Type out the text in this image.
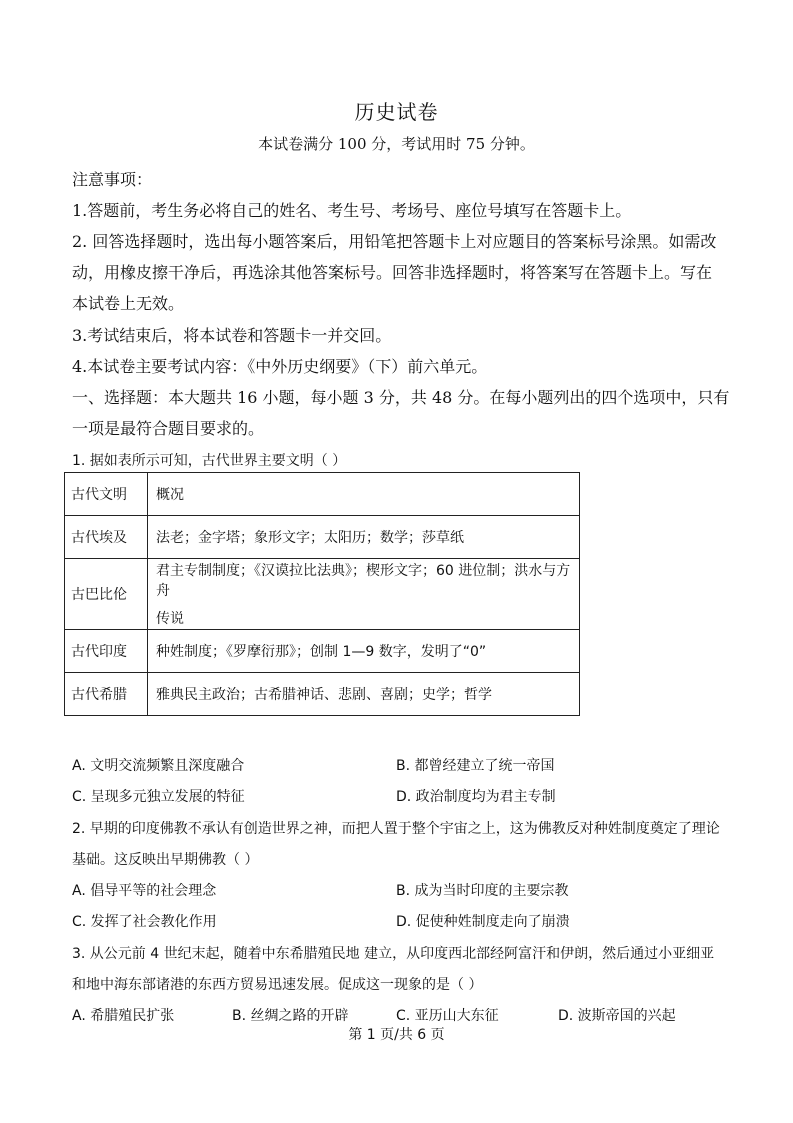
历史试卷
本试卷满分 100 分，考试用时 75 分钟。
注意事项：
1.答题前，考生务必将自己的姓名、考生号、考场号、座位号填写在答题卡上。
2. 回答选择题时，选出每小题答案后，用铅笔把答题卡上对应题目的答案标号涂黑。如需改
动，用橡皮擦干净后，再选涂其他答案标号。回答非选择题时，将答案写在答题卡上。写在
本试卷上无效。
3.考试结束后，将本试卷和答题卡一并交回。
4.本试卷主要考试内容：《中外历史纲要》（下）前六单元。
一、选择题：本大题共 16 小题，每小题 3 分，共 48 分。在每小题列出的四个选项中，只有
一项是最符合题目要求的。
1. 据如表所示可知，古代世界主要文明（ ）
古代文明	概况
古代埃及	法老；金字塔；象形文字；太阳历；数学；莎草纸

古巴比伦	君主专制制度；《汉谟拉比法典》；楔形文字；60 进位制；洪水与方舟
传说

古代印度	种姓制度；《罗摩衍那》；创制 1—9 数字，发明了“0”

古代希腊	雅典民主政治；古希腊神话、悲剧、喜剧；史学；哲学
A. 文明交流频繁且深度融合	B. 都曾经建立了统一帝国
C. 呈现多元独立发展的特征	D. 政治制度均为君主专制
2. 早期的印度佛教不承认有创造世界之神，而把人置于整个宇宙之上，这为佛教反对种姓制度奠定了理论
基础。这反映出早期佛教（ ）
A. 倡导平等的社会理念	B. 成为当时印度的主要宗教
C. 发挥了社会教化作用	D. 促使种姓制度走向了崩溃
3. 从公元前 4 世纪末起，随着中东希腊殖民地 建立，从印度西北部经阿富汗和伊朗，然后通过小亚细亚
和地中海东部诸港的东西方贸易迅速发展。促成这一现象的是（ ）
A. 希腊殖民扩张	B. 丝绸之路的开辟	C. 亚历山大东征	D. 波斯帝国的兴起
第 1 页/共 6 页
